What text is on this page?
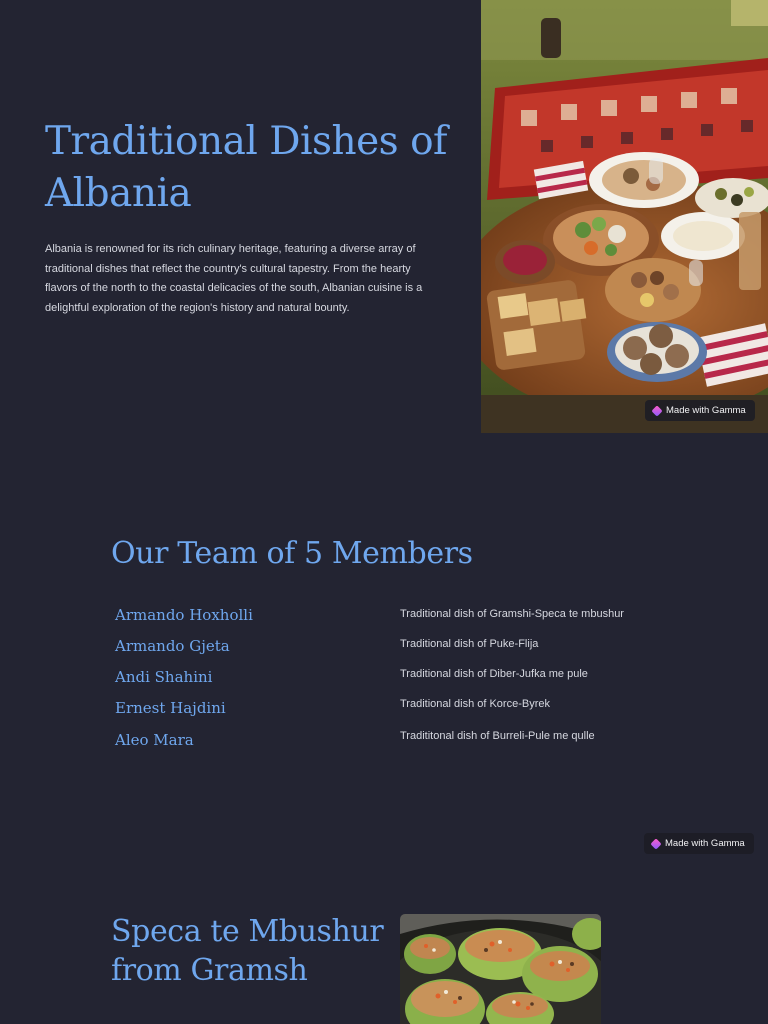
Traditional Dishes of Albania

Albania is renowned for its rich culinary heritage, featuring a diverse array of traditional dishes that reflect the country's cultural tapestry. From the hearty flavors of the north to the coastal delicacies of the south, Albanian cuisine is a delightful exploration of the region's history and natural bounty.

Made with Gamma
Our Team of 5 Members
Armando Hoxholli	Traditional dish of Gramshi-Speca te mbushur
Armando Gjeta	Traditional dish of Puke-Flija
Andi Shahini	Traditional dish of Diber-Jufka me pule
Ernest Hajdini	Traditional dish of Korce-Byrek
Aleo Mara	Tradititonal dish of Burreli-Pule me qulle
Made with Gamma
Speca te Mbushur from Gramsh
